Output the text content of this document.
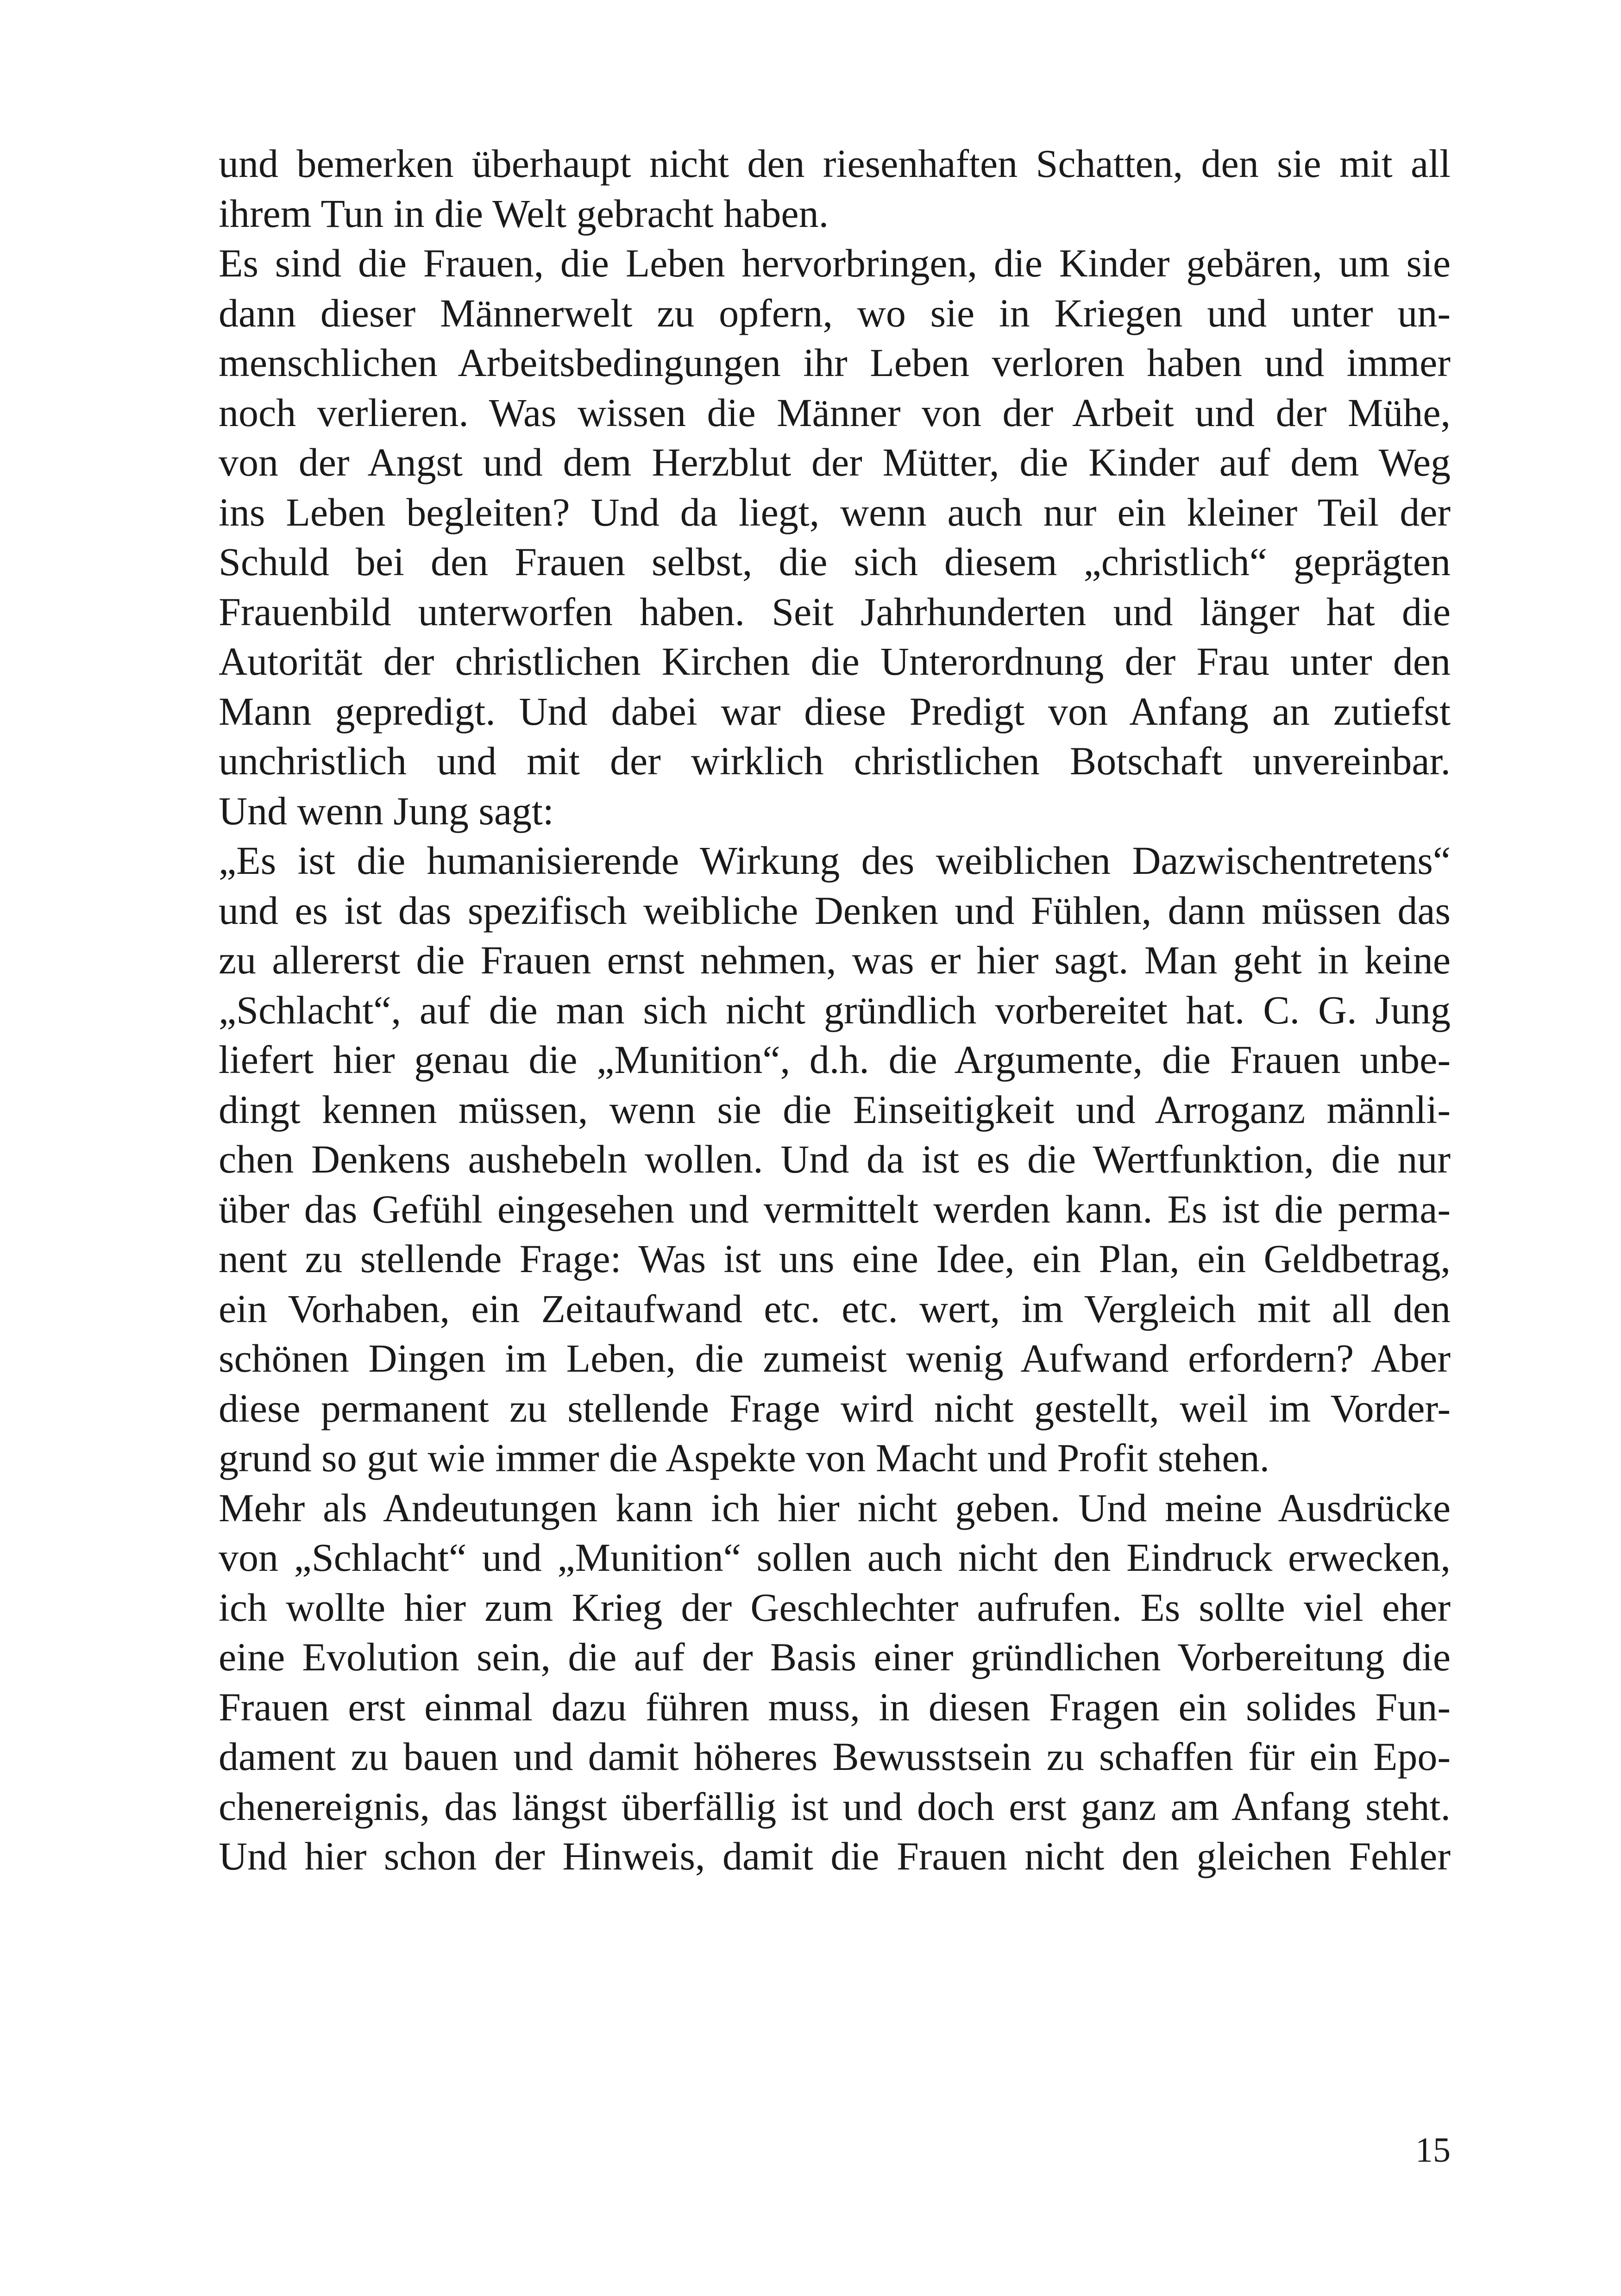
und bemerken überhaupt nicht den riesenhaften Schatten, den sie mit all
ihrem Tun in die Welt gebracht haben.
Es sind die Frauen, die Leben hervorbringen, die Kinder gebären, um sie
dann dieser Männerwelt zu opfern, wo sie in Kriegen und unter un-
menschlichen Arbeitsbedingungen ihr Leben verloren haben und immer
noch verlieren. Was wissen die Männer von der Arbeit und der Mühe,
von der Angst und dem Herzblut der Mütter, die Kinder auf dem Weg
ins Leben begleiten? Und da liegt, wenn auch nur ein kleiner Teil der
Schuld bei den Frauen selbst, die sich diesem „christlich“ geprägten
Frauenbild unterworfen haben. Seit Jahrhunderten und länger hat die
Autorität der christlichen Kirchen die Unterordnung der Frau unter den
Mann gepredigt. Und dabei war diese Predigt von Anfang an zutiefst
unchristlich und mit der wirklich christlichen Botschaft unvereinbar.
Und wenn Jung sagt:
„Es ist die humanisierende Wirkung des weiblichen Dazwischentretens“
und es ist das spezifisch weibliche Denken und Fühlen, dann müssen das
zu allererst die Frauen ernst nehmen, was er hier sagt. Man geht in keine
„Schlacht“, auf die man sich nicht gründlich vorbereitet hat. C. G. Jung
liefert hier genau die „Munition“, d.h. die Argumente, die Frauen unbe-
dingt kennen müssen, wenn sie die Einseitigkeit und Arroganz männli-
chen Denkens aushebeln wollen. Und da ist es die Wertfunktion, die nur
über das Gefühl eingesehen und vermittelt werden kann. Es ist die perma-
nent zu stellende Frage: Was ist uns eine Idee, ein Plan, ein Geldbetrag,
ein Vorhaben, ein Zeitaufwand etc. etc. wert, im Vergleich mit all den
schönen Dingen im Leben, die zumeist wenig Aufwand erfordern? Aber
diese permanent zu stellende Frage wird nicht gestellt, weil im Vorder-
grund so gut wie immer die Aspekte von Macht und Profit stehen.
Mehr als Andeutungen kann ich hier nicht geben. Und meine Ausdrücke
von „Schlacht“ und „Munition“ sollen auch nicht den Eindruck erwecken,
ich wollte hier zum Krieg der Geschlechter aufrufen. Es sollte viel eher
eine Evolution sein, die auf der Basis einer gründlichen Vorbereitung die
Frauen erst einmal dazu führen muss, in diesen Fragen ein solides Fun-
dament zu bauen und damit höheres Bewusstsein zu schaffen für ein Epo-
chenereignis, das längst überfällig ist und doch erst ganz am Anfang steht.
Und hier schon der Hinweis, damit die Frauen nicht den gleichen Fehler
15
